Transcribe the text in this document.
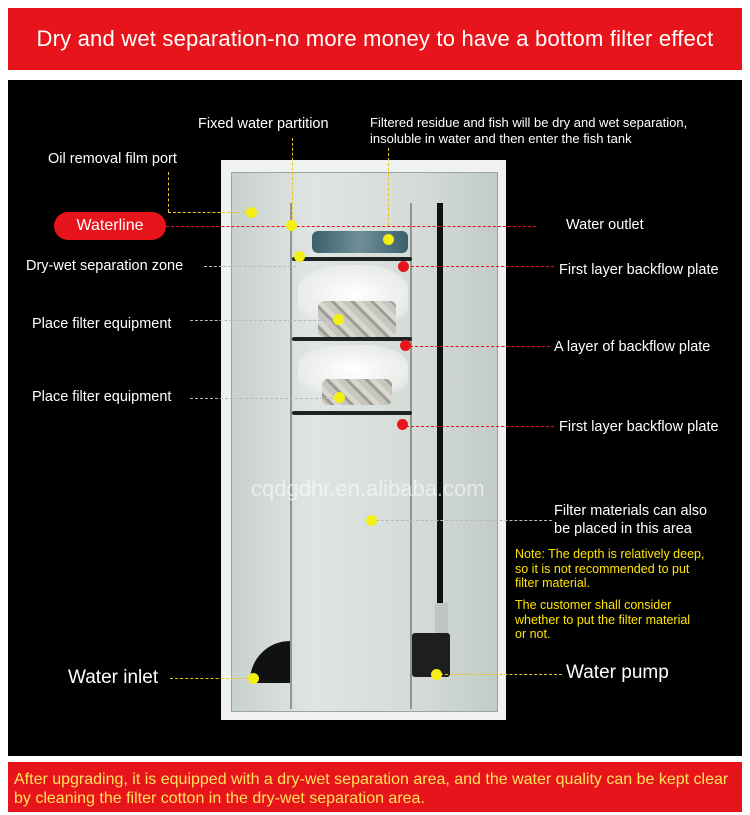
Dry and wet separation-no more money to have a bottom filter effect
cqdgdhr.en.alibaba.com
Fixed water partition	Filtered residue and fish will be dry and wet separation,
insoluble in water and then enter the fish tank
Oil removal film port
Waterline	Water outlet
Dry-wet separation zone
Place filter equipment
Place filter equipment
Water inlet
First layer backflow plate
A layer of backflow plate
First layer backflow plate
Filter materials can also
be placed in this area
Note: The depth is relatively deep,
so it is not recommended to put
filter material.
The customer shall consider
whether to put the filter material
or not.
Water pump
After upgrading, it is equipped with a dry-wet separation area, and the water quality can be kept clear by cleaning the filter cotton in the dry-wet separation area.
